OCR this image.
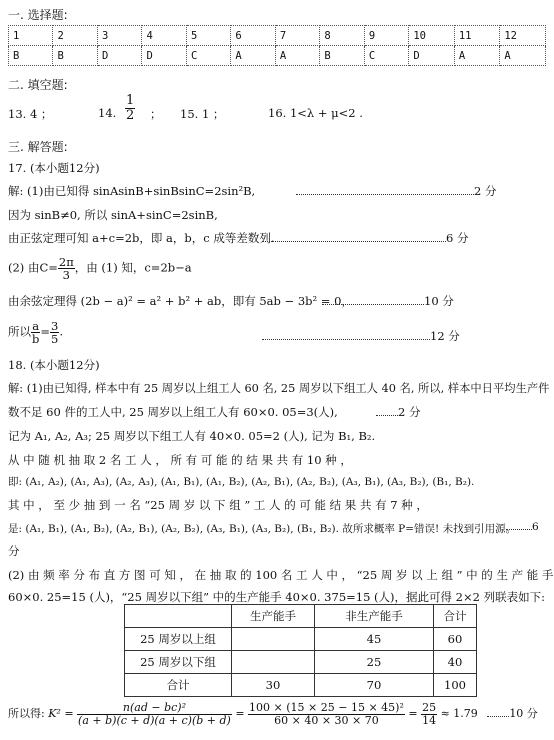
一. 选择题:
1	2	3	4	5	6	7	8	9	10	11	12
B	B	D	D	C	A	A	B	C	D	A	A
二. 填空题:
13. 4 ；	14. $\frac{1}{2}$ ； 15. 1 ；	16. 1<λ + μ<2 .
三. 解答题:
17. (本小题12分)
解: (1)由已知得 sinAsinB+sinBsinC=2sin²B,	2 分
因为 sinB≠0, 所以 sinA+sinC=2sinB,
由正弦定理可知 a+c=2b，即 a，b，c 成等差数列.	6 分
(2) 由$C= \frac{2\pi}{3}$ ，由 (1) 知，c=2b−a
由余弦定理得 (2b − a)² = a² + b² + ab，即有 5ab − 3b² = 0，	10 分
所以 $\frac{a}{b} = \frac{3}{5}$ .	12 分
18. (本小题12分)
解: (1)由已知得, 样本中有 25 周岁以上组工人 60 名, 25 周岁以下组工人 40 名, 所以, 样本中日平均生产件
数不足 60 件的工人中, 25 周岁以上组工人有 60×0. 05=3(人),	2 分
记为 A₁, A₂, A₃; 25 周岁以下组工人有 40×0. 05=2 (人), 记为 B₁, B₂.
从 中 随 机 抽 取 2 名 工 人 ， 所 有 可 能 的 结 果 共 有 10 种 ，
即: (A₁, A₂), (A₁, A₃), (A₂, A₃), (A₁, B₁), (A₁, B₂), (A₂, B₁), (A₂, B₂), (A₃, B₁), (A₃, B₂), (B₁, B₂).
其 中 ， 至 少 抽 到 一 名 “25 周 岁 以 下 组 ” 工 人 的 可 能 结 果 共 有 7 种 ，
是: (A₁, B₁), (A₁, B₂), (A₂, B₁), (A₂, B₂), (A₃, B₁), (A₃, B₂), (B₁, B₂). 故所求概率 P=错误! 未找到引用源。	6
分
(2) 由 频 率 分 布 直 方 图 可 知 ， 在 抽 取 的 100 名 工 人 中 ， “25 周 岁 以 上 组 ” 中 的 生 产 能 手
60×0. 25=15 (人)，“25 周岁以下组” 中的生产能手 40×0. 375=15 (人)，据此可得 2×2 列联表如下:
	生产能手	非生产能手	合计
25 周岁以上组		45	60
25 周岁以下组		25	40
合计	30	70	100
所以得: $K^2 = \frac{\text{n(ad − bc)²}}{(a + b)(c + d)(a + c)(b + d)} = \frac{\text{100 × (15 × 25 − 15 × 45)²}}{60 \times 40 \times 30 \times 70} = \frac{25}{14} \approx 1.79$	10 分
